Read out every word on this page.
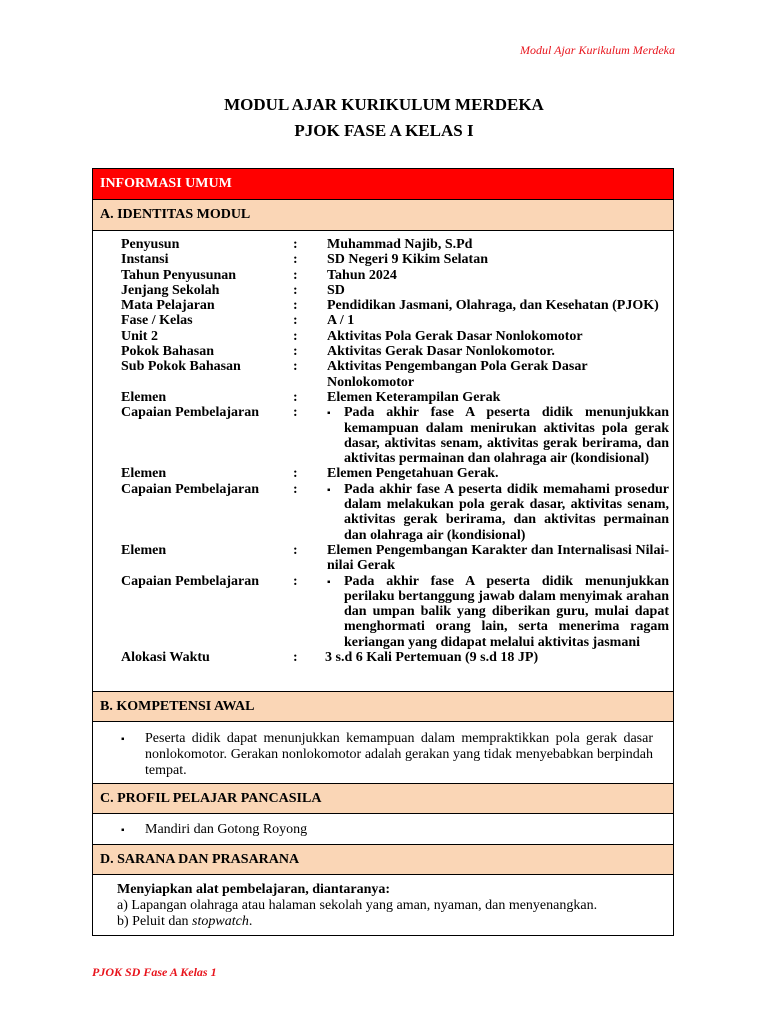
Modul Ajar Kurikulum Merdeka
MODUL AJAR KURIKULUM MERDEKA
PJOK FASE A KELAS I
INFORMASI UMUM
A. IDENTITAS MODUL
Penyusun	:	Muhammad Najib, S.Pd
Instansi	:	SD Negeri 9 Kikim Selatan
Tahun Penyusunan	:	Tahun 2024
Jenjang Sekolah	:	SD
Mata Pelajaran	:	Pendidikan Jasmani, Olahraga, dan Kesehatan (PJOK)
Fase / Kelas	:	A / 1
Unit 2	:	Aktivitas Pola Gerak Dasar Nonlokomotor
Pokok Bahasan	:	Aktivitas Gerak Dasar Nonlokomotor.
Sub Pokok Bahasan	:	Aktivitas Pengembangan Pola Gerak Dasar Nonlokomotor
Elemen	:	Elemen Keterampilan Gerak
Capaian Pembelajaran	:	▪ Pada akhir fase A peserta didik menunjukkan kemampuan dalam menirukan aktivitas pola gerak dasar, aktivitas senam, aktivitas gerak berirama, dan aktivitas permainan dan olahraga air (kondisional)
Elemen	:	Elemen Pengetahuan Gerak.
Capaian Pembelajaran	:	▪ Pada akhir fase A peserta didik memahami prosedur dalam melakukan pola gerak dasar, aktivitas senam, aktivitas gerak berirama, dan aktivitas permainan dan olahraga air (kondisional)
Elemen	:	Elemen Pengembangan Karakter dan Internalisasi Nilai- nilai Gerak
Capaian Pembelajaran	:	▪ Pada akhir fase A peserta didik menunjukkan perilaku bertanggung jawab dalam menyimak arahan dan umpan balik yang diberikan guru, mulai dapat menghormati orang lain, serta menerima ragam keriangan yang didapat melalui aktivitas jasmani
Alokasi Waktu	:	3 s.d 6 Kali Pertemuan (9 s.d 18 JP)
B. KOMPETENSI AWAL
▪	Peserta didik dapat menunjukkan kemampuan dalam mempraktikkan pola gerak dasar nonlokomotor. Gerakan nonlokomotor adalah gerakan yang tidak menyebabkan berpindah tempat.
C. PROFIL PELAJAR PANCASILA
▪	Mandiri dan Gotong Royong
D. SARANA DAN PRASARANA
Menyiapkan alat pembelajaran, diantaranya:
a) Lapangan olahraga atau halaman sekolah yang aman, nyaman, dan menyenangkan.
b) Peluit dan stopwatch.
PJOK SD Fase A Kelas 1
